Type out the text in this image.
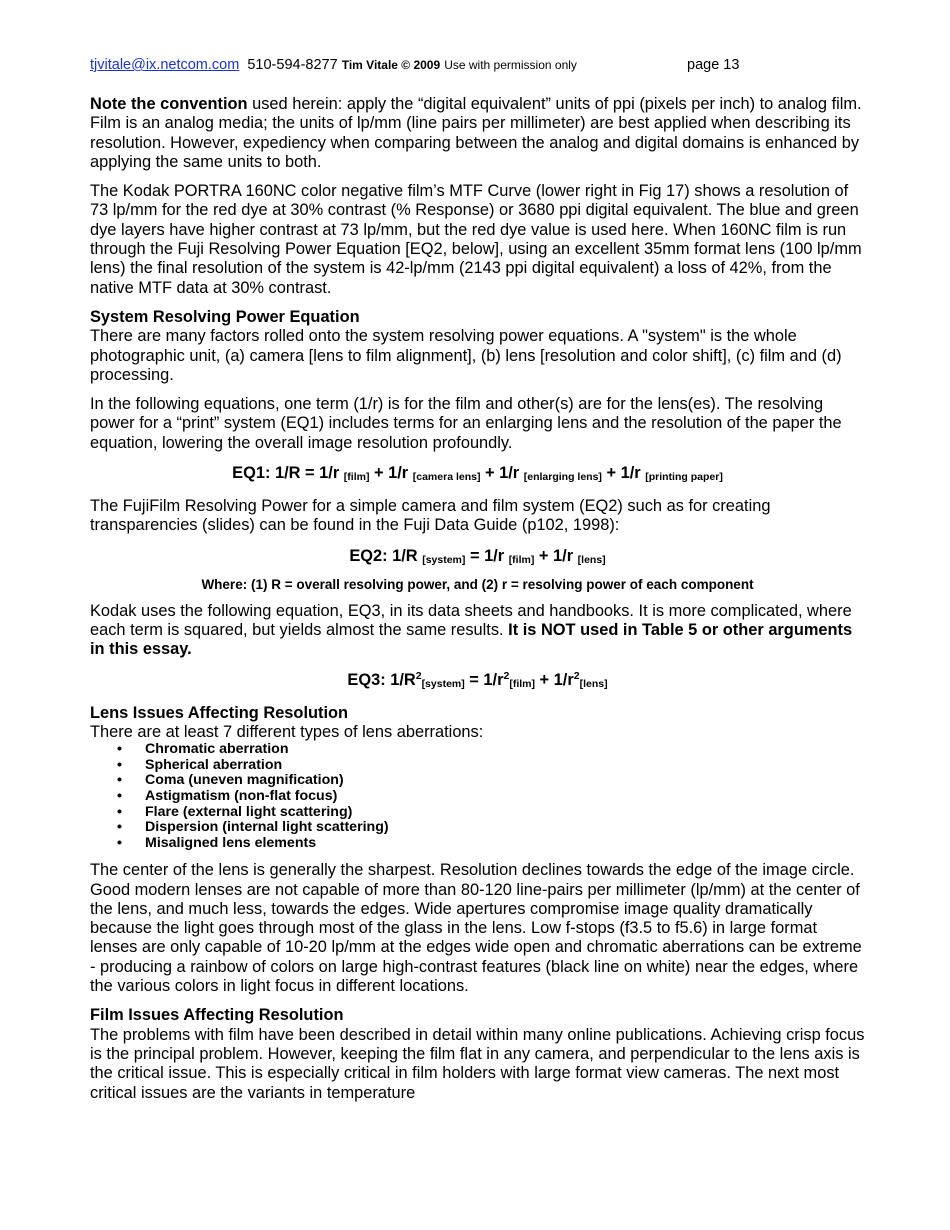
tjvitale@ix.netcom.com 510-594-8277 Tim Vitale © 2009 Use with permission only	page 13

Note the convention used herein: apply the “digital equivalent” units of ppi (pixels per inch) to analog film. Film is an analog media; the units of lp/mm (line pairs per millimeter) are best applied when describing its resolution. However, expediency when comparing between the analog and digital domains is enhanced by applying the same units to both.

The Kodak PORTRA 160NC color negative film’s MTF Curve (lower right in Fig 17) shows a resolution of 73 lp/mm for the red dye at 30% contrast (% Response) or 3680 ppi digital equivalent. The blue and green dye layers have higher contrast at 73 lp/mm, but the red dye value is used here. When 160NC film is run through the Fuji Resolving Power Equation [EQ2, below], using an excellent 35mm format lens (100 lp/mm lens) the final resolution of the system is 42-lp/mm (2143 ppi digital equivalent) a loss of 42%, from the native MTF data at 30% contrast.

System Resolving Power Equation

There are many factors rolled onto the system resolving power equations. A "system" is the whole photographic unit, (a) camera [lens to film alignment], (b) lens [resolution and color shift], (c) film and (d) processing.

In the following equations, one term (1/r) is for the film and other(s) are for the lens(es). The resolving power for a “print” system (EQ1) includes terms for an enlarging lens and the resolution of the paper the equation, lowering the overall image resolution profoundly.

EQ1: 1/R = 1/r $_{[film]}$ + 1/r $_{[camera lens]}$ + 1/r $_{[enlarging lens]}$ + 1/r $_{[printing paper]}$

The FujiFilm Resolving Power for a simple camera and film system (EQ2) such as for creating transparencies (slides) can be found in the Fuji Data Guide (p102, 1998):

EQ2: 1/R $_{[system]}$ = 1/r $_{[film]}$ + 1/r $_{[lens]}$
Where: (1) R = overall resolving power, and (2) r = resolving power of each component

Kodak uses the following equation, EQ3, in its data sheets and handbooks. It is more complicated, where each term is squared, but yields almost the same results. It is NOT used in Table 5 or other arguments in this essay.

EQ3: $1/R^2_{[system]} = 1/r^2_{[film]} + 1/r^2_{[lens]}$
Lens Issues Affecting Resolution

There are at least 7 different types of lens aberrations:

• Chromatic aberration
• Spherical aberration
• Coma (uneven magnification)
• Astigmatism (non-flat focus)
• Flare (external light scattering)
• Dispersion (internal light scattering)
• Misaligned lens elements

The center of the lens is generally the sharpest. Resolution declines towards the edge of the image circle. Good modern lenses are not capable of more than 80-120 line-pairs per millimeter (lp/mm) at the center of the lens, and much less, towards the edges. Wide apertures compromise image quality dramatically because the light goes through most of the glass in the lens. Low f-stops (f3.5 to f5.6) in large format lenses are only capable of 10-20 lp/mm at the edges wide open and chromatic aberrations can be extreme - producing a rainbow of colors on large high-contrast features (black line on white) near the edges, where the various colors in light focus in different locations.

Film Issues Affecting Resolution

The problems with film have been described in detail within many online publications. Achieving crisp focus is the principal problem. However, keeping the film flat in any camera, and perpendicular to the lens axis is the critical issue. This is especially critical in film holders with large format view cameras. The next most critical issues are the variants in temperature
